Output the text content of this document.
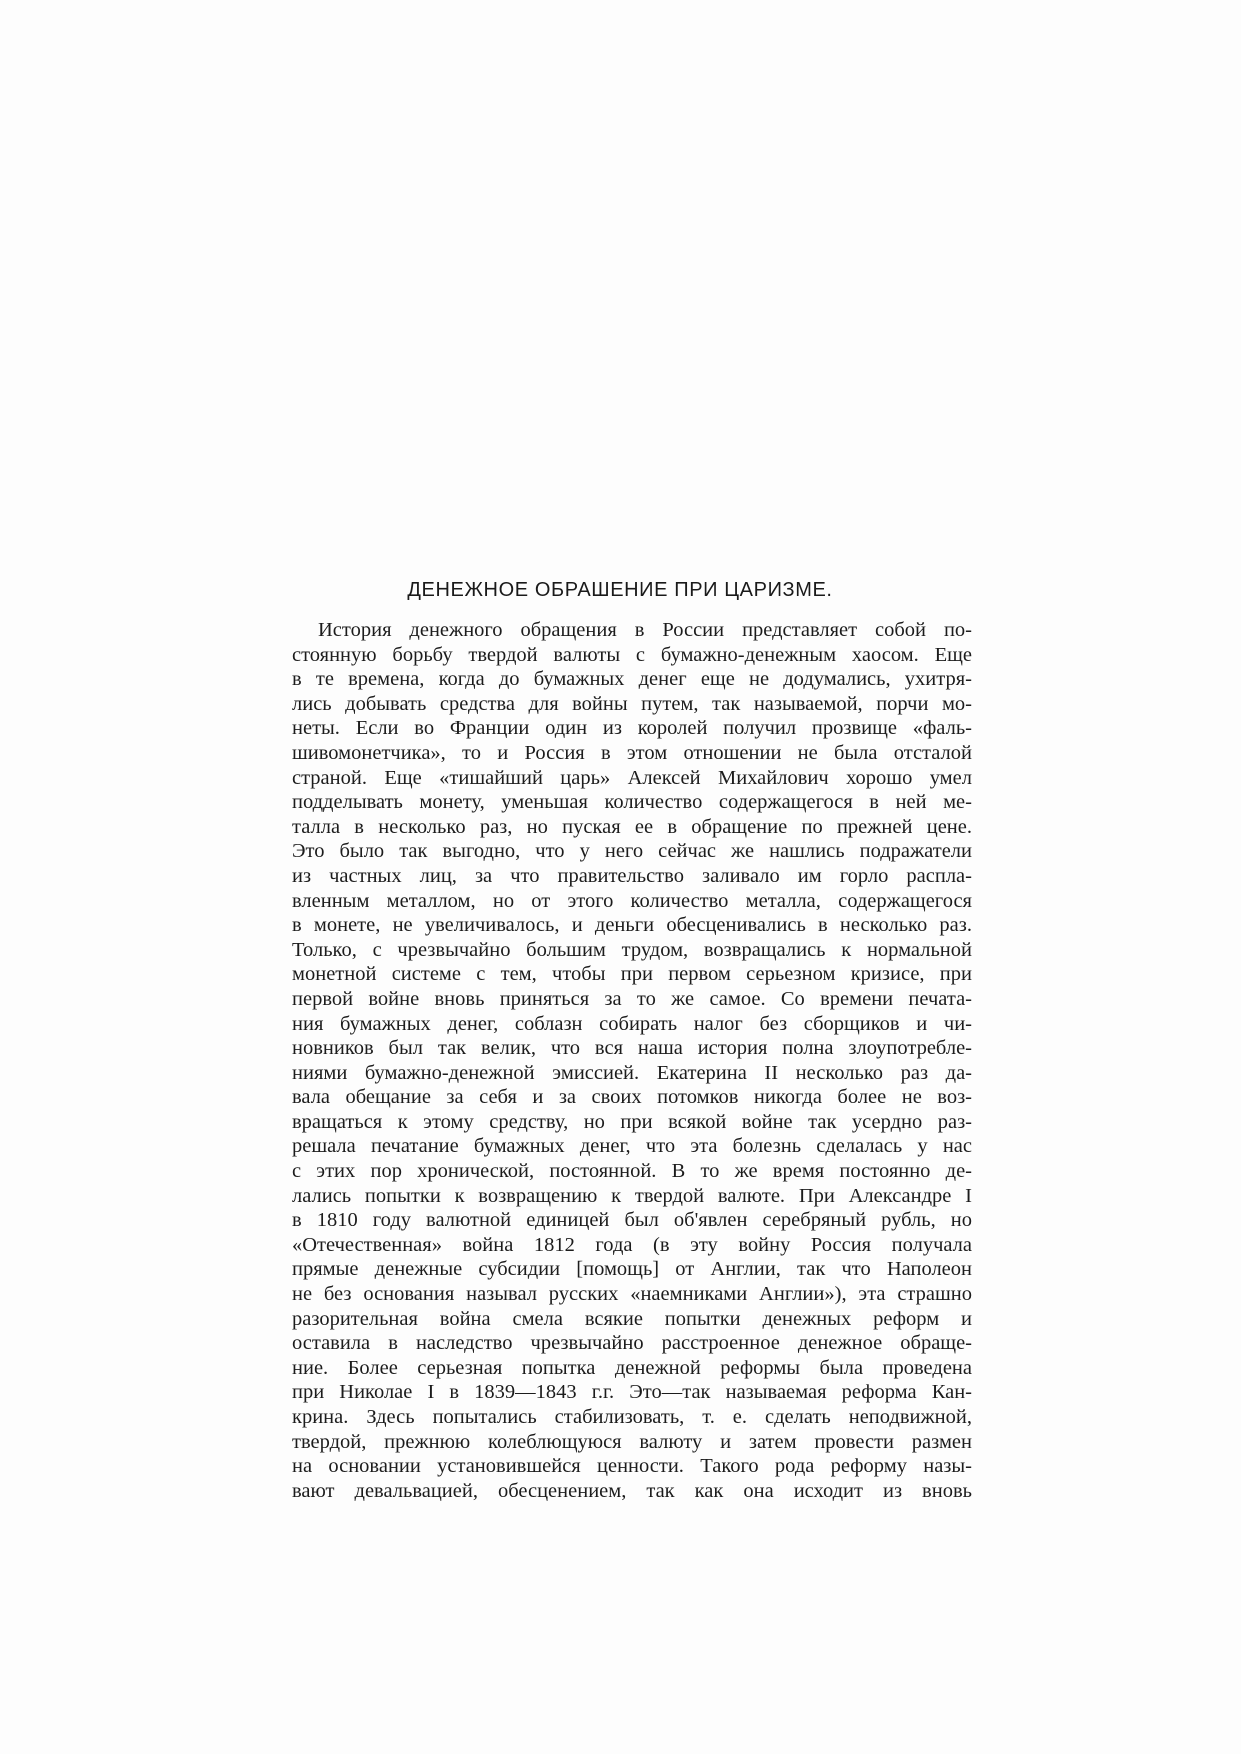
ДЕНЕЖНОЕ ОБРАШЕНИЕ ПРИ ЦАРИЗМЕ.
История денежного обращения в России представляет собой по-
стоянную борьбу твердой валюты с бумажно-денежным хаосом. Еще
в те времена, когда до бумажных денег еще не додумались, ухитря-
лись добывать средства для войны путем, так называемой, порчи мо-
неты. Если во Франции один из королей получил прозвище «фаль-
шивомонетчика», то и Россия в этом отношении не была отсталой
страной. Еще «тишайший царь» Алексей Михайлович хорошо умел
подделывать монету, уменьшая количество содержащегося в ней ме-
талла в несколько раз, но пуская ее в обращение по прежней цене.
Это было так выгодно, что у него сейчас же нашлись подражатели
из частных лиц, за что правительство заливало им горло распла-
вленным металлом, но от этого количество металла, содержащегося
в монете, не увеличивалось, и деньги обесценивались в несколько раз.
Только, с чрезвычайно большим трудом, возвращались к нормальной
монетной системе с тем, чтобы при первом серьезном кризисе, при
первой войне вновь приняться за то же самое. Со времени печата-
ния бумажных денег, соблазн собирать налог без сборщиков и чи-
новников был так велик, что вся наша история полна злоупотребле-
ниями бумажно-денежной эмиссией. Екатерина II несколько раз да-
вала обещание за себя и за своих потомков никогда более не воз-
вращаться к этому средству, но при всякой войне так усердно раз-
решала печатание бумажных денег, что эта болезнь сделалась у нас
с этих пор хронической, постоянной. В то же время постоянно де-
лались попытки к возвращению к твердой валюте. При Александре I
в 1810 году валютной единицей был об'явлен серебряный рубль, но
«Отечественная» война 1812 года (в эту войну Россия получала
прямые денежные субсидии [помощь] от Англии, так что Наполеон
не без основания называл русских «наемниками Англии»), эта страшно
разорительная война смела всякие попытки денежных реформ и
оставила в наследство чрезвычайно расстроенное денежное обраще-
ние. Более серьезная попытка денежной реформы была проведена
при Николае I в 1839—1843 г.г. Это—так называемая реформа Кан-
крина. Здесь попытались стабилизовать, т. е. сделать неподвижной,
твердой, прежнюю колеблющуюся валюту и затем провести размен
на основании установившейся ценности. Такого рода реформу назы-
вают девальвацией, обесценением, так как она исходит из вновь
